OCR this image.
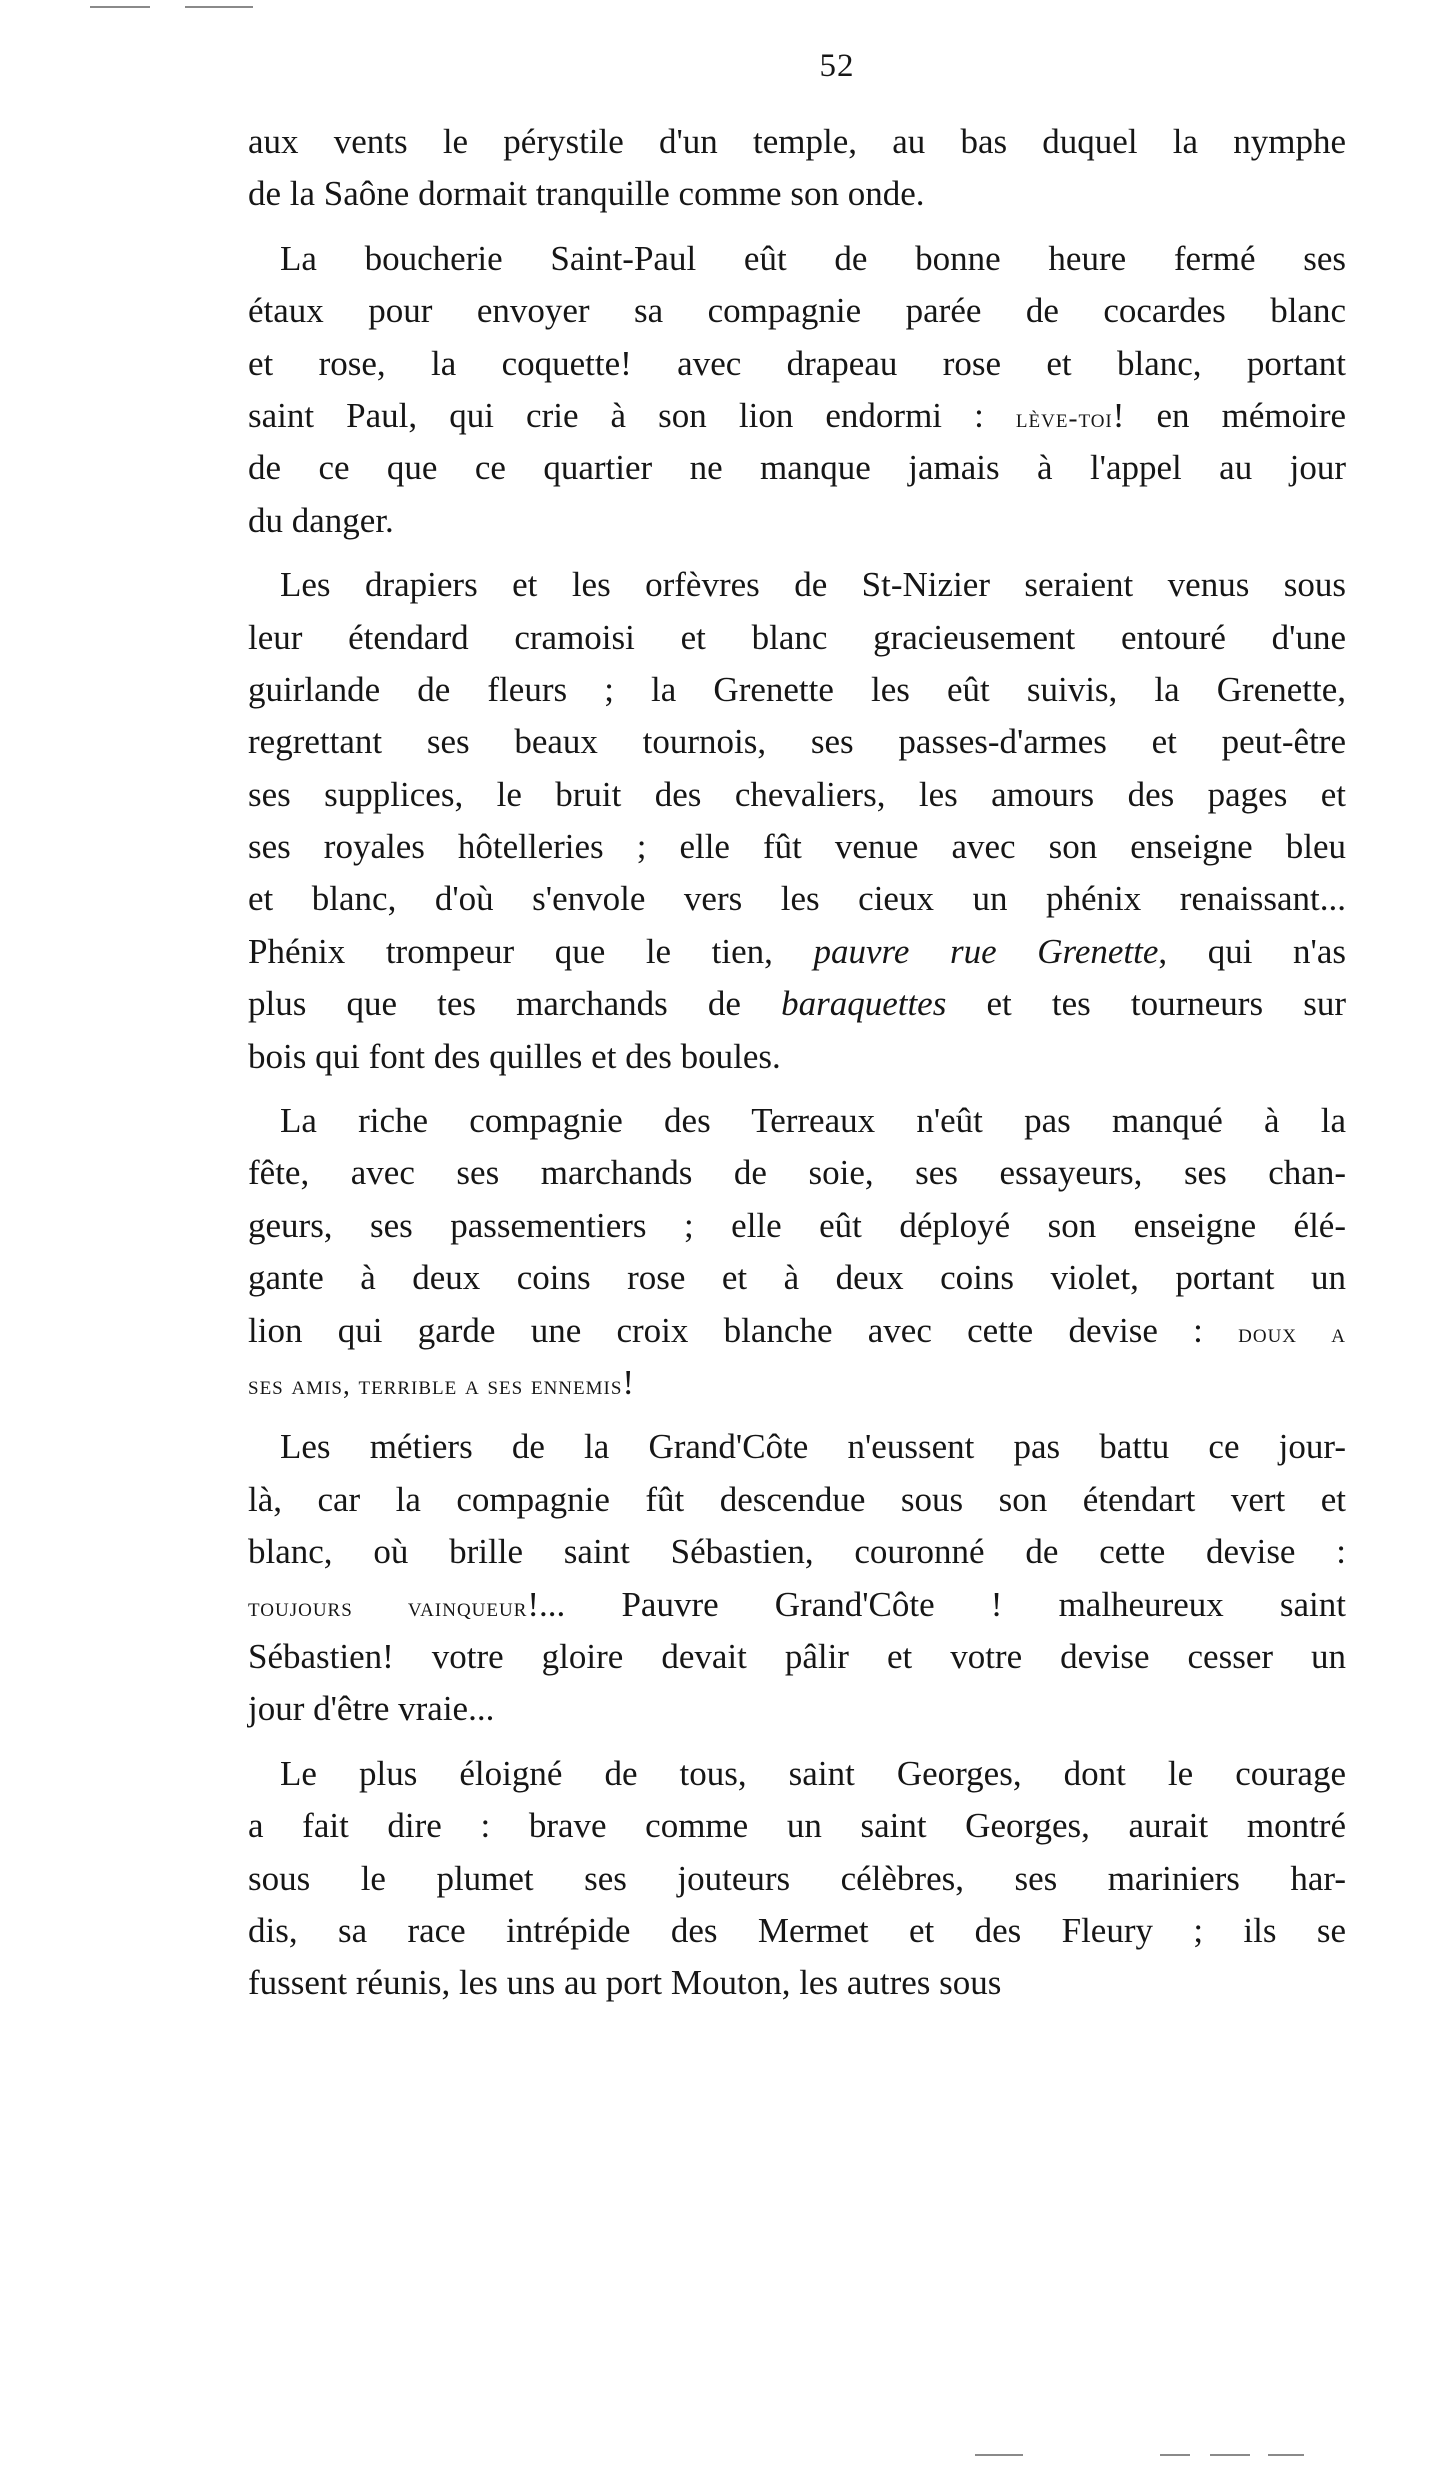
52
aux vents le pérystile d'un temple, au bas duquel la nymphe
de la Saône dormait tranquille comme son onde.
La boucherie Saint-Paul eût de bonne heure fermé ses
étaux pour envoyer sa compagnie parée de cocardes blanc
et rose, la coquette! avec drapeau rose et blanc, portant
saint Paul, qui crie à son lion endormi : lève-toi! en mémoire
de ce que ce quartier ne manque jamais à l'appel au jour
du danger.
Les drapiers et les orfèvres de St-Nizier seraient venus sous
leur étendard cramoisi et blanc gracieusement entouré d'une
guirlande de fleurs ; la Grenette les eût suivis, la Grenette,
regrettant ses beaux tournois, ses passes-d'armes et peut-être
ses supplices, le bruit des chevaliers, les amours des pages et
ses royales hôtelleries ; elle fût venue avec son enseigne bleu
et blanc, d'où s'envole vers les cieux un phénix renaissant...
Phénix trompeur que le tien, pauvre rue Grenette, qui n'as
plus que tes marchands de baraquettes et tes tourneurs sur
bois qui font des quilles et des boules.
La riche compagnie des Terreaux n'eût pas manqué à la
fête, avec ses marchands de soie, ses essayeurs, ses chan-
geurs, ses passementiers ; elle eût déployé son enseigne élé-
gante à deux coins rose et à deux coins violet, portant un
lion qui garde une croix blanche avec cette devise : doux a
ses amis, terrible a ses ennemis!
Les métiers de la Grand'Côte n'eussent pas battu ce jour-
là, car la compagnie fût descendue sous son étendart vert et
blanc, où brille saint Sébastien, couronné de cette devise :
toujours vainqueur!... Pauvre Grand'Côte ! malheureux saint
Sébastien! votre gloire devait pâlir et votre devise cesser un
jour d'être vraie...
Le plus éloigné de tous, saint Georges, dont le courage
a fait dire : brave comme un saint Georges, aurait montré
sous le plumet ses jouteurs célèbres, ses mariniers har-
dis, sa race intrépide des Mermet et des Fleury ; ils se
fussent réunis, les uns au port Mouton, les autres sous
